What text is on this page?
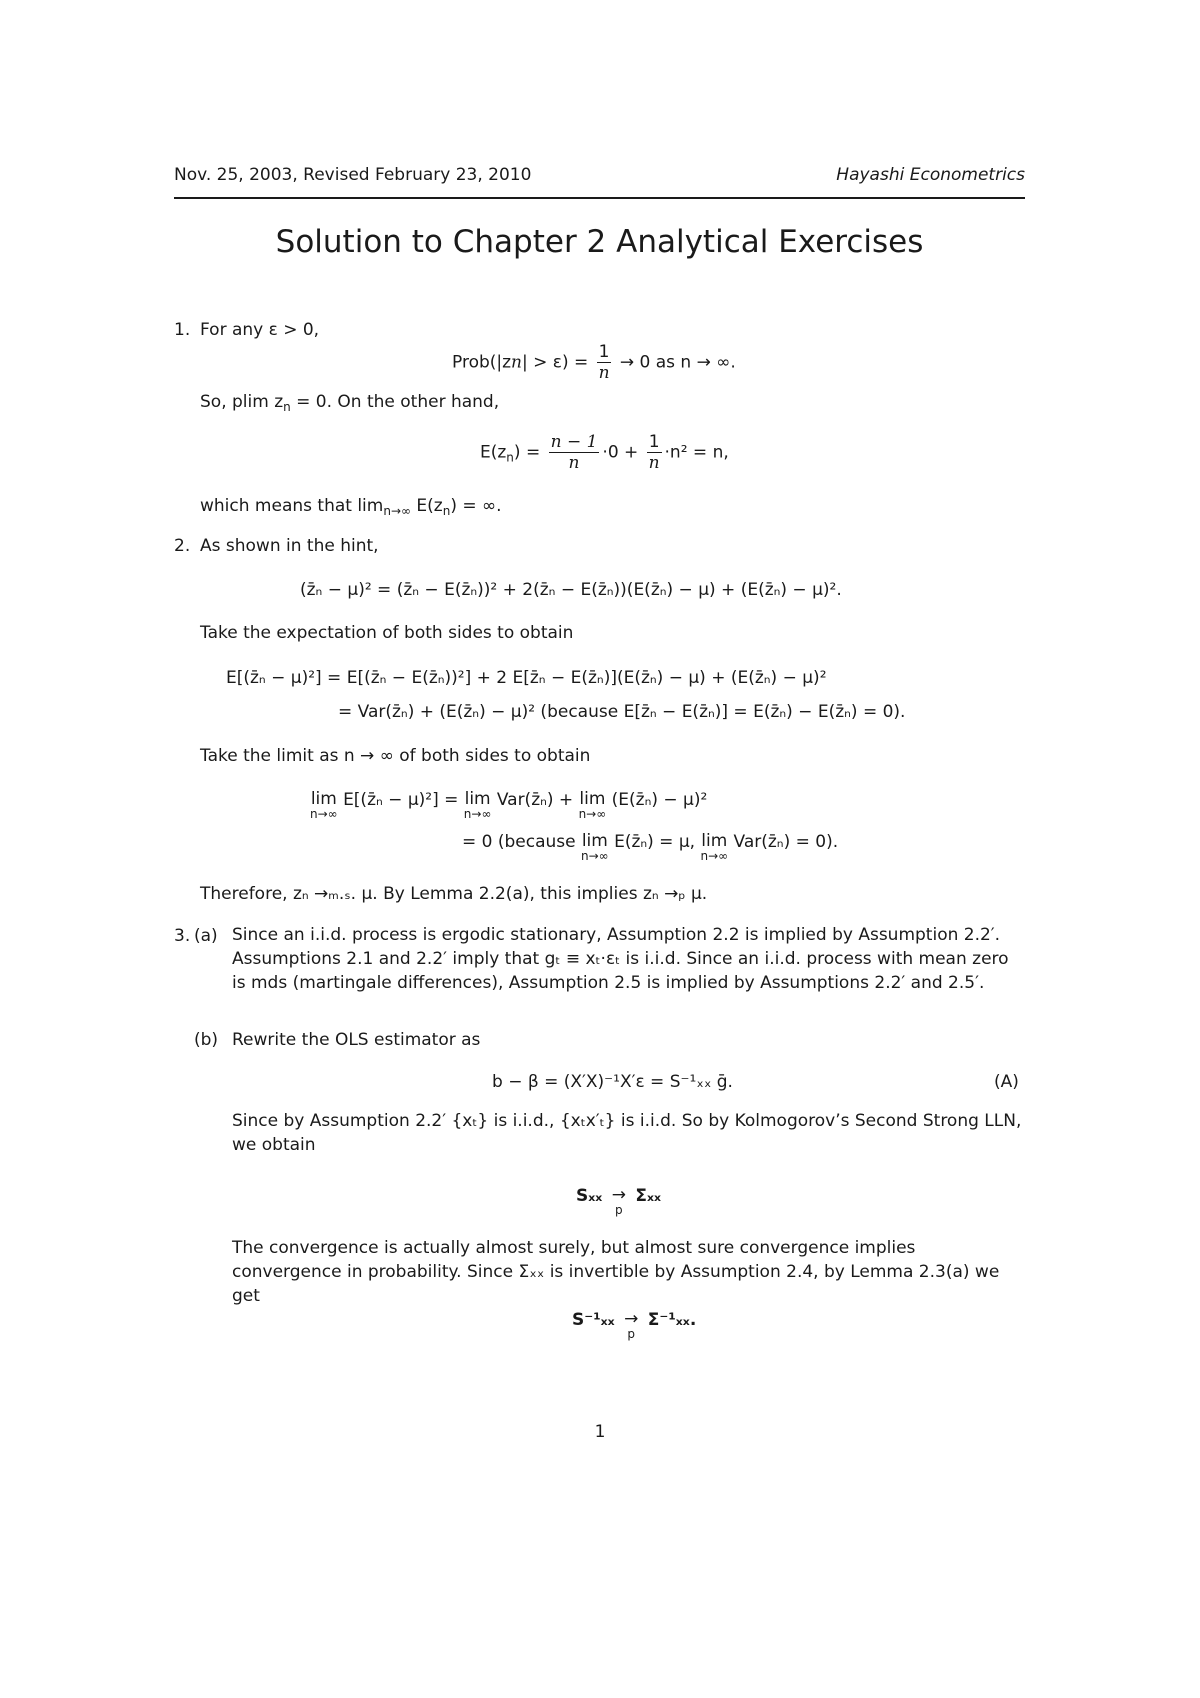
Nov. 25, 2003, Revised February 23, 2010	Hayashi Econometrics
Solution to Chapter 2 Analytical Exercises
1. For any ε > 0,
Prob(|zn| > $\varepsilon) = \frac{1}{n} \to 0$ as n → ∞.
So, plim $z_n = 0$. On the other hand,
$E(z_n) = \frac{n - 1}{n} \cdot 0 + \frac{1}{n} \cdot n^2 = n$,
which means that $\lim_{n\to\infty} E(z_n)$ = ∞.
2. As shown in the hint,
(z̄ₙ − μ)² = (z̄ₙ − E(z̄ₙ))² + 2(z̄ₙ − E(z̄ₙ))(E(z̄ₙ) − μ) + (E(z̄ₙ) − μ)².
Take the expectation of both sides to obtain
E[(z̄ₙ − μ)²] = E[(z̄ₙ − E(z̄ₙ))²] + 2 E[z̄ₙ − E(z̄ₙ)](E(z̄ₙ) − μ) + (E(z̄ₙ) − μ)²
= Var(z̄ₙ) + (E(z̄ₙ) − μ)² (because E[z̄ₙ − E(z̄ₙ)] = E(z̄ₙ) − E(z̄ₙ) = 0).
Take the limit as n → ∞ of both sides to obtain
lim
n→∞
E[(z̄ₙ − μ)²] = lim
n→∞
Var(z̄ₙ) + lim
n→∞
(E(z̄ₙ) − μ)²
= 0 (because lim
n→∞
E(z̄ₙ) = μ, lim
n→∞
Var(z̄ₙ) = 0).
Therefore, zₙ →ₘ.ₛ. μ. By Lemma 2.2(a), this implies zₙ →ₚ μ.
3. (a) Since an i.i.d. process is ergodic stationary, Assumption 2.2 is implied by Assumption 2.2′. Assumptions 2.1 and 2.2′ imply that gₜ ≡ xₜ·εₜ is i.i.d. Since an i.i.d. process with mean zero is mds (martingale differences), Assumption 2.5 is implied by Assumptions 2.2′ and 2.5′.
(b) Rewrite the OLS estimator as
b − β = (X′X)⁻¹X′ε = S⁻¹ₓₓ ḡ.	(A)
Since by Assumption 2.2′ {xₜ} is i.i.d., {xₜx′ₜ} is i.i.d. So by Kolmogorov’s Second Strong LLN, we obtain
Sₓₓ →
p
Σₓₓ
The convergence is actually almost surely, but almost sure convergence implies convergence in probability. Since Σₓₓ is invertible by Assumption 2.4, by Lemma 2.3(a) we get
S⁻¹ₓₓ →
p
Σ⁻¹ₓₓ.
1
